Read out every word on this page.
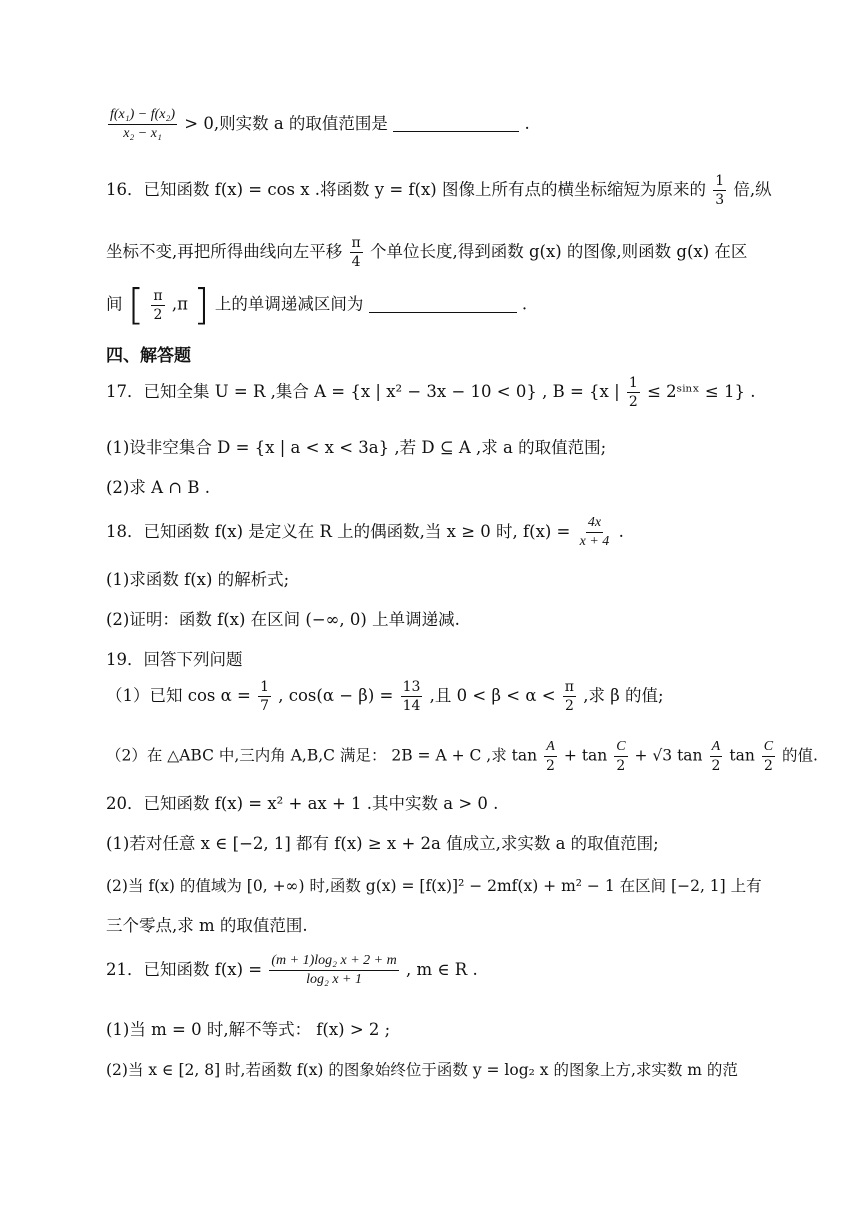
$\frac{\text{f(x₁) − f(x₂)}}{\text{x₂ − x₁}} > 0$,则实数 a 的取值范围是	.
16．已知函数 f(x) = cos x .将函数 y = f(x) 图像上所有点的横坐标缩短为原来的 $\frac{1}{3}$ 倍,纵
坐标不变,再把所得曲线向左平移 $\frac{\pi}{4}$ 个单位长度,得到函数 g(x) 的图像,则函数 g(x) 在区
间 [ $\frac{\pi}{2} ,\pi$ ] 上的单调递减区间为	.
四、解答题
17．已知全集 U = R ,集合 A = {x | x² − 3x − 10 < 0} , B = {x | $\frac{1}{2}$ ≤ 2ˢⁱⁿˣ ≤ 1} .
(1)设非空集合 D = {x | a < x < 3a} ,若 D ⊆ A ,求 a 的取值范围;
(2)求 A ∩ B .
18．已知函数 f(x) 是定义在 R 上的偶函数,当 x ≥ 0 时, $f(x) = \frac{4x}{x + 4}$ .
(1)求函数 f(x) 的解析式;
(2)证明：函数 f(x) 在区间 (−∞, 0) 上单调递减.
19．回答下列问题
（1）已知 $\cos \alpha = \frac{1}{7}$ , $\cos(\alpha - \beta) = \frac{13}{14}$ ,且 $0 < \beta < \alpha < \frac{\pi}{2}$ ,求 β 的值;
（2）在 △ABC 中,三内角 A,B,C 满足： 2B = A + C ,求 $\tan \frac{A}{2} + \tan \frac{C}{2} + √3$ $\tan \frac{A}{2}$ $\tan \frac{C}{2}$ 的值.
20．已知函数 f(x) = x² + ax + 1 .其中实数 a > 0 .
(1)若对任意 x ∈ [−2, 1] 都有 f(x) ≥ x + 2a 值成立,求实数 a 的取值范围;
(2)当 f(x) 的值域为 [0, +∞) 时,函数 g(x) = [f(x)]² − 2mf(x) + m² − 1 在区间 [−2, 1] 上有
三个零点,求 m 的取值范围.
21．已知函数 $f(x) = \frac{\text{(m + 1)log₂ x + 2 + m}}{\text{log₂ x + 1}}$ , m ∈ R .
(1)当 m = 0 时,解不等式： f(x) > 2 ;
(2)当 x ∈ [2, 8] 时,若函数 f(x) 的图象始终位于函数 y = log₂ x 的图象上方,求实数 m 的范
